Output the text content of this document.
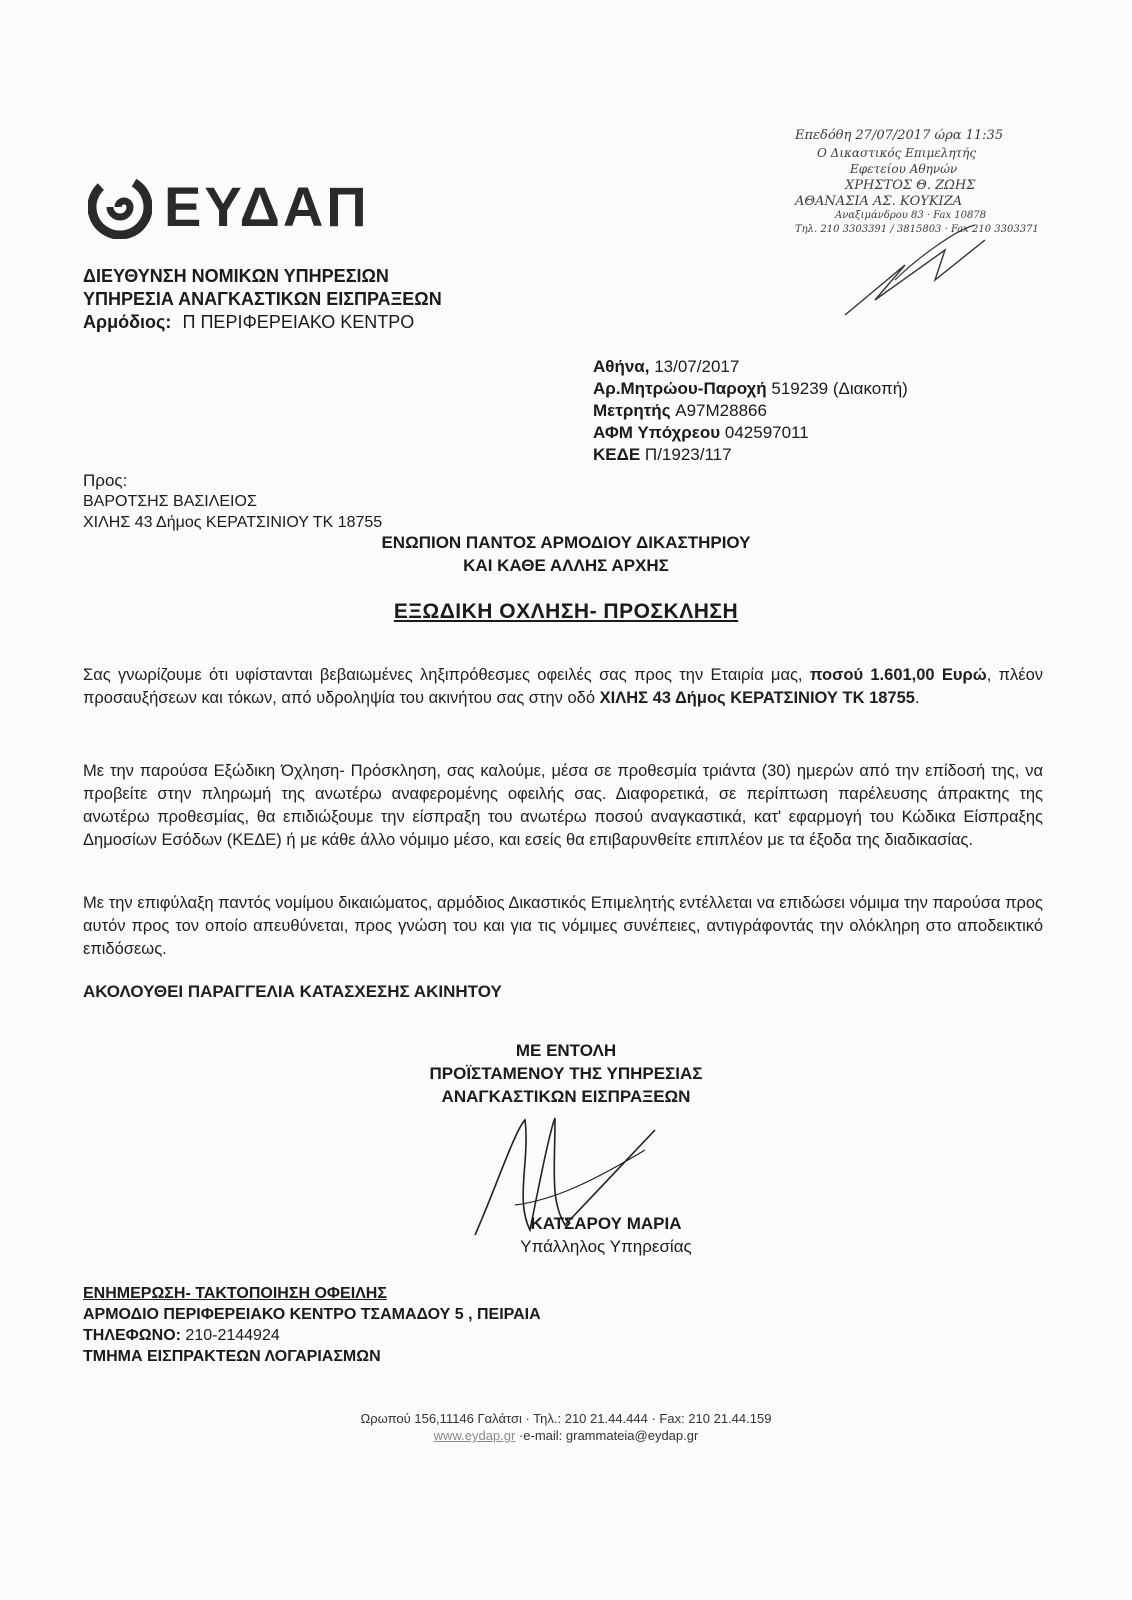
ΕΥΔΑΠ
Επεδόθη 27/07/2017 ώρα 11:35
Ο Δικαστικός Επιμελητής
Εφετείου Αθηνών
ΧΡΗΣΤΟΣ Θ. ΖΩΗΣ
ΑΘΑΝΑΣΙΑ ΑΣ. ΚΟΥΚΙΖΑ
Αναξιμάνδρου 83 · Fax 10878
Τηλ. 210 3303391 / 3815803 · Fax 210 3303371
ΔΙΕΥΘΥΝΣΗ ΝΟΜΙΚΩΝ ΥΠΗΡΕΣΙΩΝ
ΥΠΗΡΕΣΙΑ ΑΝΑΓΚΑΣΤΙΚΩΝ ΕΙΣΠΡΑΞΕΩΝ
Αρμόδιος: Π ΠΕΡΙΦΕΡΕΙΑΚΟ ΚΕΝΤΡΟ
Αθήνα, 13/07/2017
Αρ.Μητρώου-Παροχή 519239 (Διακοπή)
Μετρητής A97M28866
ΑΦΜ Υπόχρεου 042597011
ΚΕΔΕ Π/1923/117
Προς:
ΒΑΡΟΤΣΗΣ ΒΑΣΙΛΕΙΟΣ
ΧΙΛΗΣ 43 Δήμος ΚΕΡΑΤΣΙΝΙΟΥ ΤΚ 18755
ΕΝΩΠΙΟΝ ΠΑΝΤΟΣ ΑΡΜΟΔΙΟΥ ΔΙΚΑΣΤΗΡΙΟΥ
ΚΑΙ ΚΑΘΕ ΑΛΛΗΣ ΑΡΧΗΣ
ΕΞΩΔΙΚΗ ΟΧΛΗΣΗ- ΠΡΟΣΚΛΗΣΗ
Σας γνωρίζουμε ότι υφίστανται βεβαιωμένες ληξιπρόθεσμες οφειλές σας προς την Εταιρία μας, ποσού 1.601,00 Ευρώ, πλέον προσαυξήσεων και τόκων, από υδροληψία του ακινήτου σας στην οδό ΧΙΛΗΣ 43 Δήμος ΚΕΡΑΤΣΙΝΙΟΥ ΤΚ 18755.
Με την παρούσα Εξώδικη Όχληση- Πρόσκληση, σας καλούμε, μέσα σε προθεσμία τριάντα (30) ημερών από την επίδοσή της, να προβείτε στην πληρωμή της ανωτέρω αναφερομένης οφειλής σας. Διαφορετικά, σε περίπτωση παρέλευσης άπρακτης της ανωτέρω προθεσμίας, θα επιδιώξουμε την είσπραξη του ανωτέρω ποσού αναγκαστικά, κατ' εφαρμογή του Κώδικα Είσπραξης Δημοσίων Εσόδων (ΚΕΔΕ) ή με κάθε άλλο νόμιμο μέσο, και εσείς θα επιβαρυνθείτε επιπλέον με τα έξοδα της διαδικασίας.
Με την επιφύλαξη παντός νομίμου δικαιώματος, αρμόδιος Δικαστικός Επιμελητής εντέλλεται να επιδώσει νόμιμα την παρούσα προς αυτόν προς τον οποίο απευθύνεται, προς γνώση του και για τις νόμιμες συνέπειες, αντιγράφοντάς την ολόκληρη στο αποδεικτικό επιδόσεως.
ΑΚΟΛΟΥΘΕΙ ΠΑΡΑΓΓΕΛΙΑ ΚΑΤΑΣΧΕΣΗΣ ΑΚΙΝΗΤΟΥ
ΜΕ ΕΝΤΟΛΗ
ΠΡΟΪΣΤΑΜΕΝΟΥ ΤΗΣ ΥΠΗΡΕΣΙΑΣ
ΑΝΑΓΚΑΣΤΙΚΩΝ ΕΙΣΠΡΑΞΕΩΝ
ΚΑΤΣΑΡΟΥ ΜΑΡΙΑ
Υπάλληλος Υπηρεσίας
ΕΝΗΜΕΡΩΣΗ- ΤΑΚΤΟΠΟΙΗΣΗ ΟΦΕΙΛΗΣ
ΑΡΜΟΔΙΟ ΠΕΡΙΦΕΡΕΙΑΚΟ ΚΕΝΤΡΟ ΤΣΑΜΑΔΟΥ 5 , ΠΕΙΡΑΙΑ
ΤΗΛΕΦΩΝΟ: 210-2144924
ΤΜΗΜΑ ΕΙΣΠΡΑΚΤΕΩΝ ΛΟΓΑΡΙΑΣΜΩΝ
Ωρωπού 156,11146 Γαλάτσι · Τηλ.: 210 21.44.444 · Fax: 210 21.44.159
www.eydap.gr ·e-mail: grammateia@eydap.gr
